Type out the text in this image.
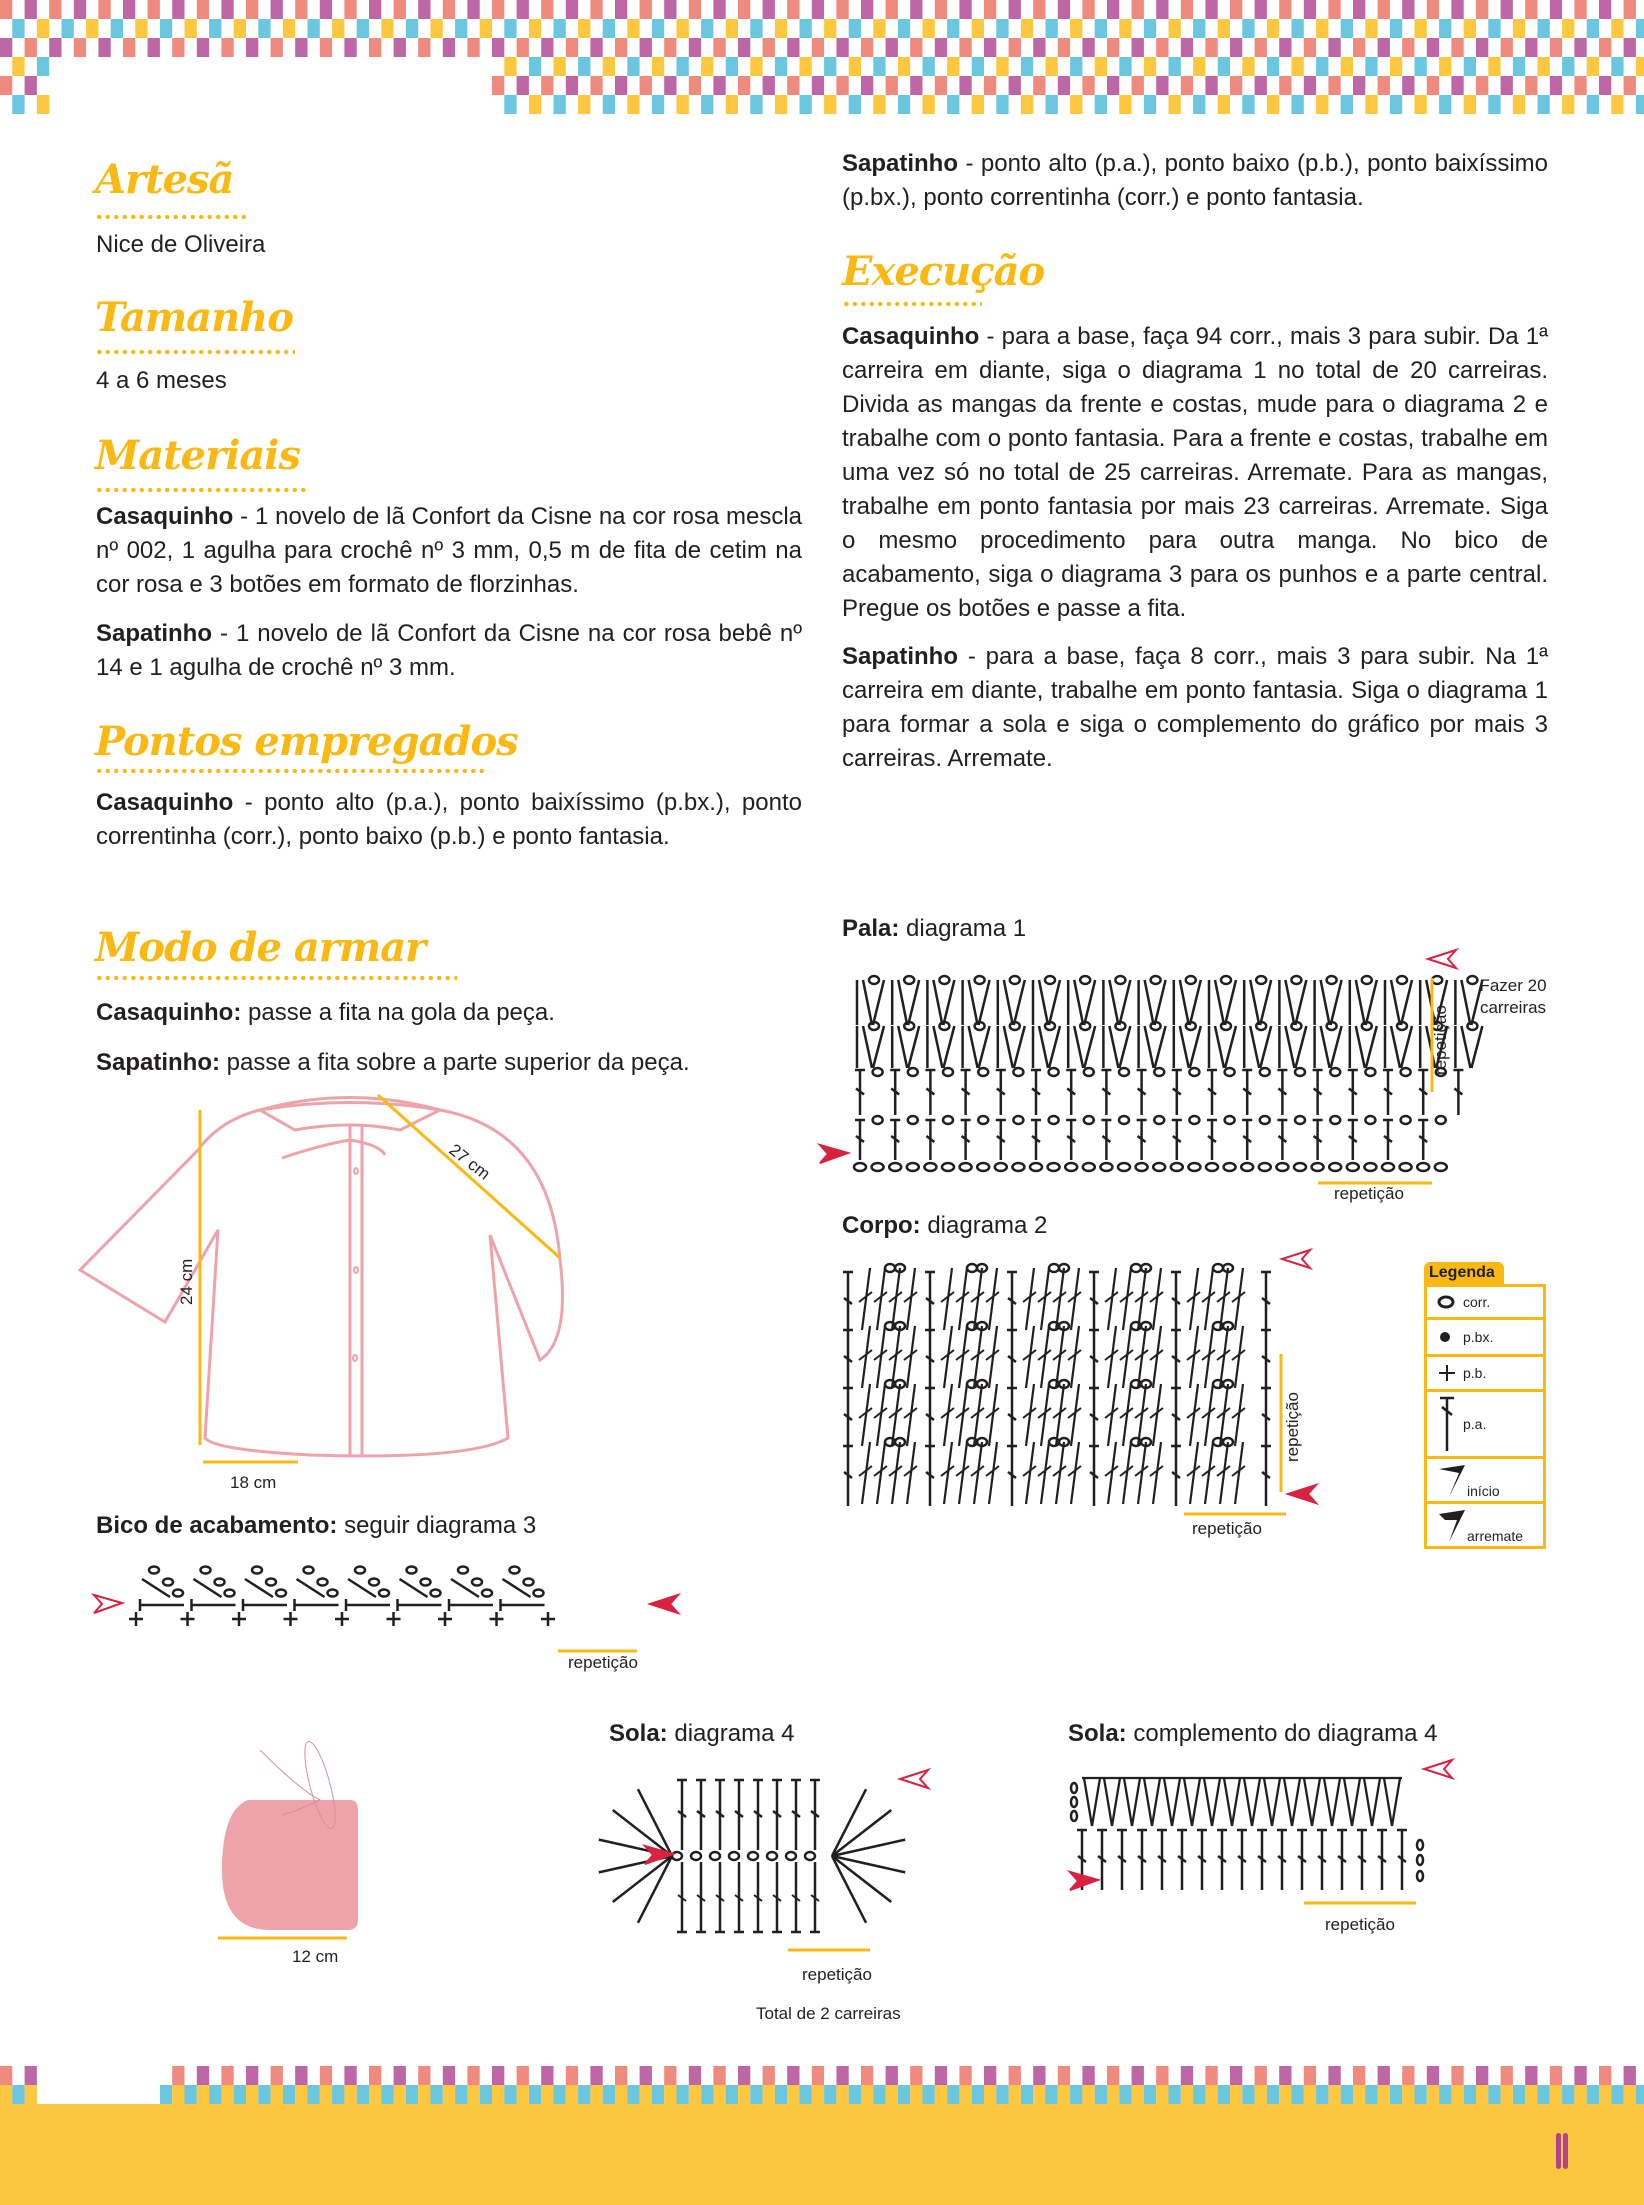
Artesã
Nice de Oliveira
Tamanho
4 a 6 meses
Materiais
Casaquinho - 1 novelo de lã Confort da Cisne na cor rosa mescla nº 002, 1 agulha para crochê nº 3 mm, 0,5 m de fita de cetim na cor rosa e 3 botões em formato de florzinhas.
Sapatinho - 1 novelo de lã Confort da Cisne na cor rosa bebê nº 14 e 1 agulha de crochê nº 3 mm.
Pontos empregados
Casaquinho - ponto alto (p.a.), ponto baixíssimo (p.bx.), ponto correntinha (corr.), ponto baixo (p.b.) e ponto fantasia.
Modo de armar
Casaquinho: passe a fita na gola da peça.
Sapatinho: passe a fita sobre a parte superior da peça.
24 cm
18 cm
27 cm
Bico de acabamento: seguir diagrama 3
repetição
12 cm
Sapatinho - ponto alto (p.a.), ponto baixo (p.b.), ponto baixíssimo (p.bx.), ponto correntinha (corr.) e ponto fantasia.
Execução
Casaquinho - para a base, faça 94 corr., mais 3 para subir. Da 1ª carreira em diante, siga o diagrama 1 no total de 20 carreiras. Divida as mangas da frente e costas, mude para o diagrama 2 e trabalhe com o ponto fantasia. Para a frente e costas, trabalhe em uma vez só no total de 25 carreiras. Arremate. Para as mangas, trabalhe em ponto fantasia por mais 23 carreiras. Arremate. Siga o mesmo procedimento para outra manga. No bico de acabamento, siga o diagrama 3 para os punhos e a parte central. Pregue os botões e passe a fita.
Sapatinho - para a base, faça 8 corr., mais 3 para subir. Na 1ª carreira em diante, trabalhe em ponto fantasia. Siga o diagrama 1 para formar a sola e siga o complemento do gráfico por mais 3 carreiras. Arremate.
Pala: diagrama 1
Fazer 20
carreiras
repetição
repetição
Corpo: diagrama 2
repetição
repetição
Legenda
corr.
p.bx.
p.b.
p.a.
início
arremate
Sola: diagrama 4
repetição
Total de 2 carreiras
Sola: complemento do diagrama 4
repetição
